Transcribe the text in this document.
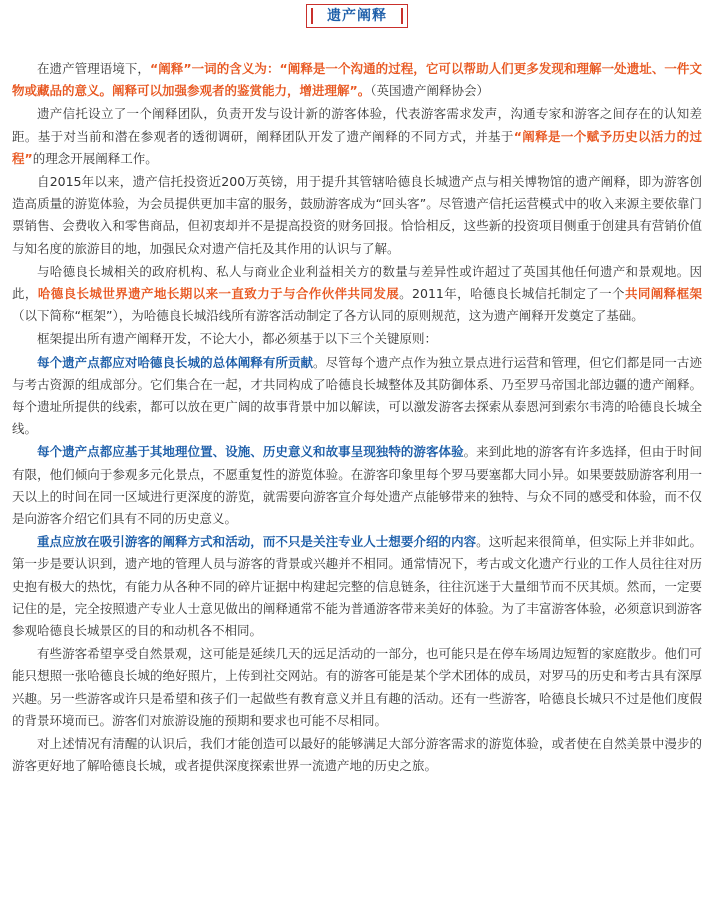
遗产阐释

在遗产管理语境下，“阐释”一词的含义为：“阐释是一个沟通的过程，它可以帮助人们更多发现和理解一处遗址、一件文物或藏品的意义。阐释可以加强参观者的鉴赏能力，增进理解”。（英国遗产阐释协会）

遗产信托设立了一个阐释团队，负责开发与设计新的游客体验，代表游客需求发声，沟通专家和游客之间存在的认知差距。基于对当前和潜在参观者的透彻调研，阐释团队开发了遗产阐释的不同方式，并基于“阐释是一个赋予历史以活力的过程”的理念开展阐释工作。

自2015年以来，遗产信托投资近200万英镑，用于提升其管辖哈德良长城遗产点与相关博物馆的遗产阐释，即为游客创造高质量的游览体验，为会员提供更加丰富的服务，鼓励游客成为“回头客”。尽管遗产信托运营模式中的收入来源主要依靠门票销售、会费收入和零售商品，但初衷却并不是提高投资的财务回报。恰恰相反，这些新的投资项目侧重于创建具有营销价值与知名度的旅游目的地，加强民众对遗产信托及其作用的认识与了解。

与哈德良长城相关的政府机构、私人与商业企业利益相关方的数量与差异性或许超过了英国其他任何遗产和景观地。因此，哈德良长城世界遗产地长期以来一直致力于与合作伙伴共同发展。2011年，哈德良长城信托制定了一个共同阐释框架（以下简称“框架”），为哈德良长城沿线所有游客活动制定了各方认同的原则规范，这为遗产阐释开发奠定了基础。

框架提出所有遗产阐释开发，不论大小，都必须基于以下三个关键原则：

每个遗产点都应对哈德良长城的总体阐释有所贡献。尽管每个遗产点作为独立景点进行运营和管理，但它们都是同一古迹与考古资源的组成部分。它们集合在一起，才共同构成了哈德良长城整体及其防御体系、乃至罗马帝国北部边疆的遗产阐释。每个遗址所提供的线索，都可以放在更广阔的故事背景中加以解读，可以激发游客去探索从泰恩河到索尔韦湾的哈德良长城全线。

每个遗产点都应基于其地理位置、设施、历史意义和故事呈现独特的游客体验。来到此地的游客有许多选择，但由于时间有限，他们倾向于参观多元化景点，不愿重复性的游览体验。在游客印象里每个罗马要塞都大同小异。如果要鼓励游客利用一天以上的时间在同一区域进行更深度的游览，就需要向游客宣介每处遗产点能够带来的独特、与众不同的感受和体验，而不仅是向游客介绍它们具有不同的历史意义。

重点应放在吸引游客的阐释方式和活动，而不只是关注专业人士想要介绍的内容。这听起来很简单，但实际上并非如此。第一步是要认识到，遗产地的管理人员与游客的背景或兴趣并不相同。通常情况下，考古或文化遗产行业的工作人员往往对历史抱有极大的热忱，有能力从各种不同的碎片证据中构建起完整的信息链条，往往沉迷于大量细节而不厌其烦。然而，一定要记住的是，完全按照遗产专业人士意见做出的阐释通常不能为普通游客带来美好的体验。为了丰富游客体验，必须意识到游客参观哈德良长城景区的目的和动机各不相同。

有些游客希望享受自然景观，这可能是延续几天的远足活动的一部分，也可能只是在停车场周边短暂的家庭散步。他们可能只想照一张哈德良长城的绝好照片，上传到社交网站。有的游客可能是某个学术团体的成员，对罗马的历史和考古具有深厚兴趣。另一些游客或许只是希望和孩子们一起做些有教育意义并且有趣的活动。还有一些游客，哈德良长城只不过是他们度假的背景环境而已。游客们对旅游设施的预期和要求也可能不尽相同。

对上述情况有清醒的认识后，我们才能创造可以最好的能够满足大部分游客需求的游览体验，或者使在自然美景中漫步的游客更好地了解哈德良长城，或者提供深度探索世界一流遗产地的历史之旅。
